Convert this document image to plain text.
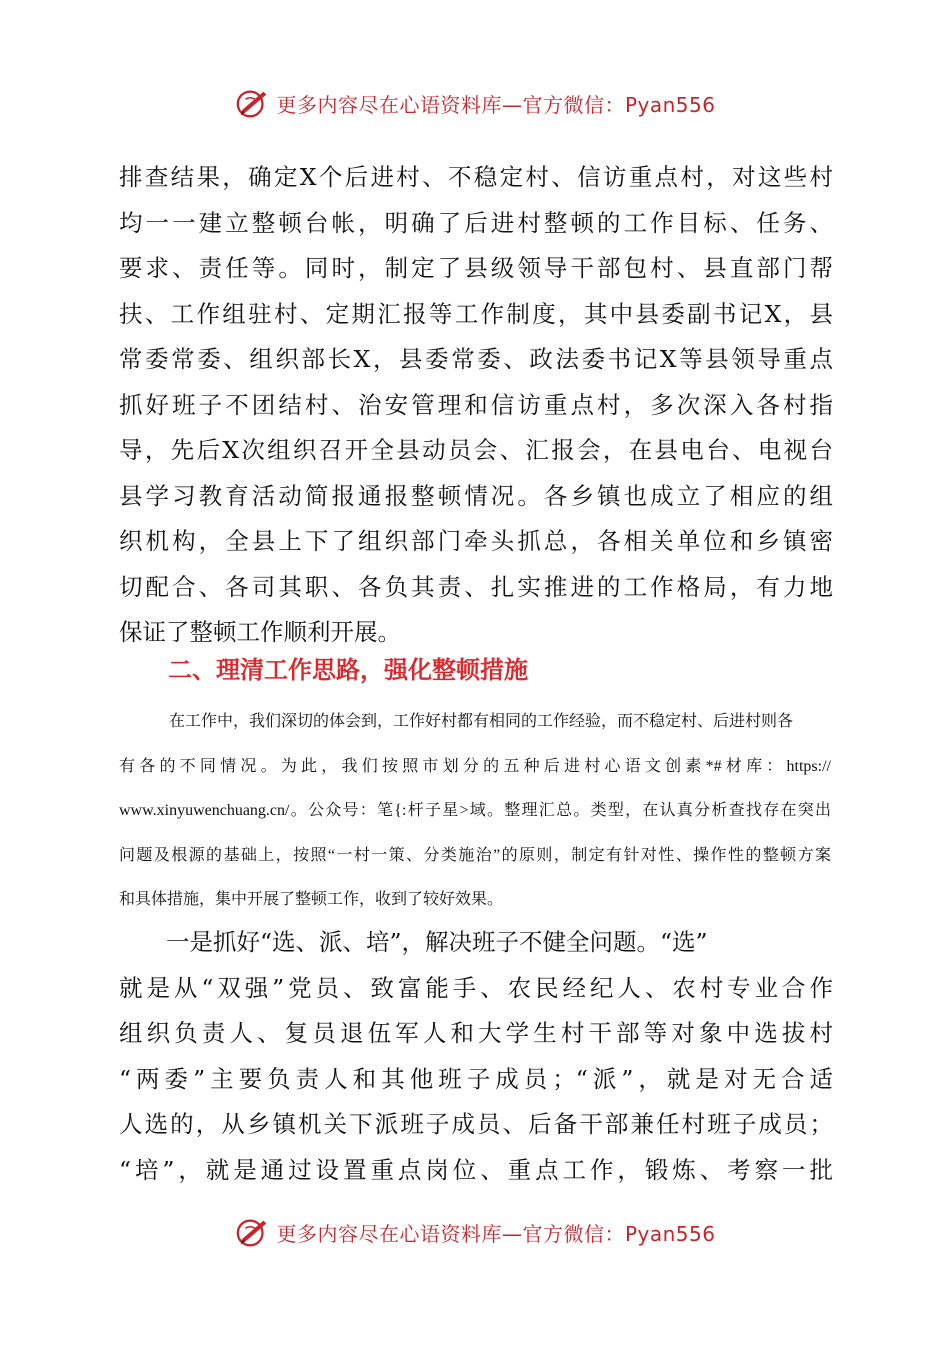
更多内容尽在心语资料库—官方微信：Pyan556
排查结果，确定X个后进村、不稳定村、信访重点村，对这些村
均一一建立整顿台帐，明确了后进村整顿的工作目标、任务、
要求、责任等。同时，制定了县级领导干部包村、县直部门帮
扶、工作组驻村、定期汇报等工作制度，其中县委副书记X，县
常委常委、组织部长X，县委常委、政法委书记X等县领导重点
抓好班子不团结村、治安管理和信访重点村，多次深入各村指
导，先后X次组织召开全县动员会、汇报会，在县电台、电视台
县学习教育活动简报通报整顿情况。各乡镇也成立了相应的组
织机构，全县上下了组织部门牵头抓总，各相关单位和乡镇密
切配合、各司其职、各负其责、扎实推进的工作格局，有力地
保证了整顿工作顺利开展。
二、理清工作思路，强化整顿措施
在工作中，我们深切的体会到，工作好村都有相同的工作经验，而不稳定村、后进村则各
有各的不同情况。为此，我们按照市划分的五种后进村心语文创素*#材库：https://
www.xinyuwenchuang.cn/。公众号：笔{:杆子星>域。整理汇总。类型，在认真分析查找存在突出
问题及根源的基础上，按照“一村一策、分类施治”的原则，制定有针对性、操作性的整顿方案
和具体措施，集中开展了整顿工作，收到了较好效果。
一是抓好“选、派、培”，解决班子不健全问题。“选”
就是从“双强”党员、致富能手、农民经纪人、农村专业合作
组织负责人、复员退伍军人和大学生村干部等对象中选拔村
“两委”主要负责人和其他班子成员；“派”，就是对无合适
人选的，从乡镇机关下派班子成员、后备干部兼任村班子成员；
“培”，就是通过设置重点岗位、重点工作，锻炼、考察一批
更多内容尽在心语资料库—官方微信：Pyan556
